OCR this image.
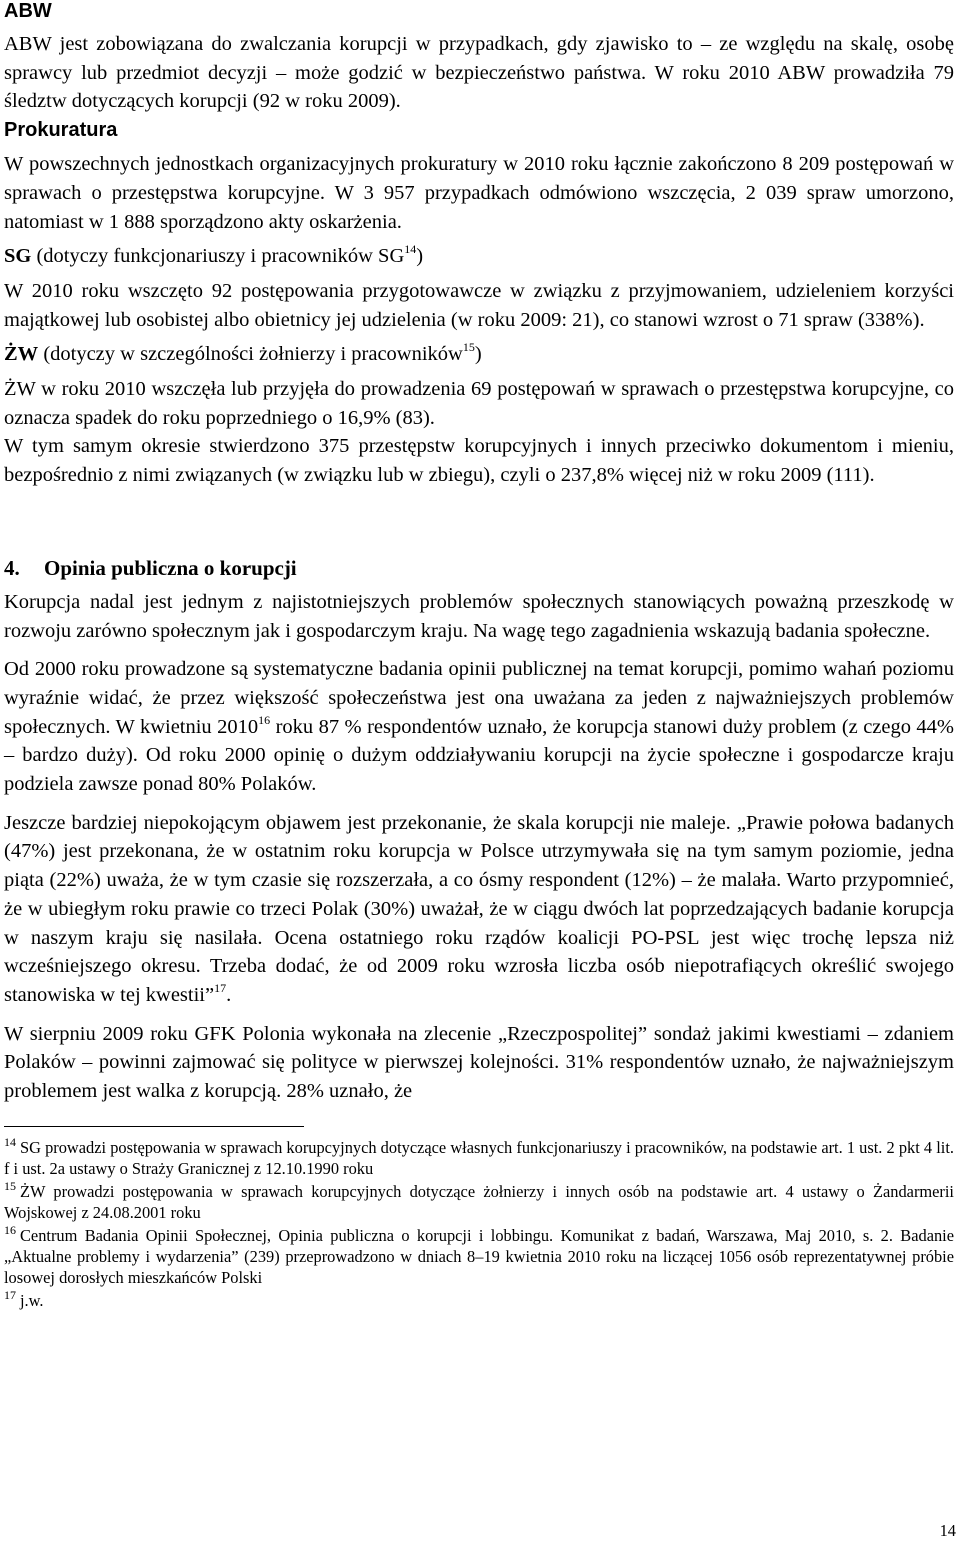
ABW

ABW jest zobowiązana do zwalczania korupcji w przypadkach, gdy zjawisko to – ze względu na skalę, osobę sprawcy lub przedmiot decyzji – może godzić w bezpieczeństwo państwa. W roku 2010 ABW prowadziła 79 śledztw dotyczących korupcji (92 w roku 2009).

Prokuratura

W powszechnych jednostkach organizacyjnych prokuratury w 2010 roku łącznie zakończono 8 209 postępowań w sprawach o przestępstwa korupcyjne. W 3 957 przypadkach odmówiono wszczęcia, 2 039 spraw umorzono, natomiast w 1 888 sporządzono akty oskarżenia.

SG (dotyczy funkcjonariuszy i pracowników SG$^{14}$)

W 2010 roku wszczęto 92 postępowania przygotowawcze w związku z przyjmowaniem, udzieleniem korzyści majątkowej lub osobistej albo obietnicy jej udzielenia (w roku 2009: 21), co stanowi wzrost o 71 spraw (338%).

ŻW (dotyczy w szczególności żołnierzy i pracowników$^{15}$)

ŻW w roku 2010 wszczęła lub przyjęła do prowadzenia 69 postępowań w sprawach o przestępstwa korupcyjne, co oznacza spadek do roku poprzedniego o 16,9% (83).

W tym samym okresie stwierdzono 375 przestępstw korupcyjnych i innych przeciwko dokumentom i mieniu, bezpośrednio z nimi związanych (w związku lub w zbiegu), czyli o 237,8% więcej niż w roku 2009 (111).

4. Opinia publiczna o korupcji

Korupcja nadal jest jednym z najistotniejszych problemów społecznych stanowiących poważną przeszkodę w rozwoju zarówno społecznym jak i gospodarczym kraju. Na wagę tego zagadnienia wskazują badania społeczne.

Od 2000 roku prowadzone są systematyczne badania opinii publicznej na temat korupcji, pomimo wahań poziomu wyraźnie widać, że przez większość społeczeństwa jest ona uważana za jeden z najważniejszych problemów społecznych. W kwietniu 2010$^{16}$ roku 87 % respondentów uznało, że korupcja stanowi duży problem (z czego 44% – bardzo duży). Od roku 2000 opinię o dużym oddziaływaniu korupcji na życie społeczne i gospodarcze kraju podziela zawsze ponad 80% Polaków.

Jeszcze bardziej niepokojącym objawem jest przekonanie, że skala korupcji nie maleje. „Prawie połowa badanych (47%) jest przekonana, że w ostatnim roku korupcja w Polsce utrzymywała się na tym samym poziomie, jedna piąta (22%) uważa, że w tym czasie się rozszerzała, a co ósmy respondent (12%) – że malała. Warto przypomnieć, że w ubiegłym roku prawie co trzeci Polak (30%) uważał, że w ciągu dwóch lat poprzedzających badanie korupcja w naszym kraju się nasilała. Ocena ostatniego roku rządów koalicji PO-PSL jest więc trochę lepsza niż wcześniejszego okresu. Trzeba dodać, że od 2009 roku wzrosła liczba osób niepotrafiących określić swojego stanowiska w tej kwestii”$^{17}$.

W sierpniu 2009 roku GFK Polonia wykonała na zlecenie „Rzeczpospolitej” sondaż jakimi kwestiami – zdaniem Polaków – powinni zajmować się polityce w pierwszej kolejności. 31% respondentów uznało, że najważniejszym problemem jest walka z korupcją. 28% uznało, że

$^{14}$ SG prowadzi postępowania w sprawach korupcyjnych dotyczące własnych funkcjonariuszy i pracowników, na podstawie art. 1 ust. 2 pkt 4 lit. f i ust. 2a ustawy o Straży Granicznej z 12.10.1990 roku

$^{15}$ ŻW prowadzi postępowania w sprawach korupcyjnych dotyczące żołnierzy i innych osób na podstawie art. 4 ustawy o Żandarmerii Wojskowej z 24.08.2001 roku

$^{16}$ Centrum Badania Opinii Społecznej, Opinia publiczna o korupcji i lobbingu. Komunikat z badań, Warszawa, Maj 2010, s. 2. Badanie „Aktualne problemy i wydarzenia” (239) przeprowadzono w dniach 8–19 kwietnia 2010 roku na liczącej 1056 osób reprezentatywnej próbie losowej dorosłych mieszkańców Polski

$^{17}$ j.w.

14
